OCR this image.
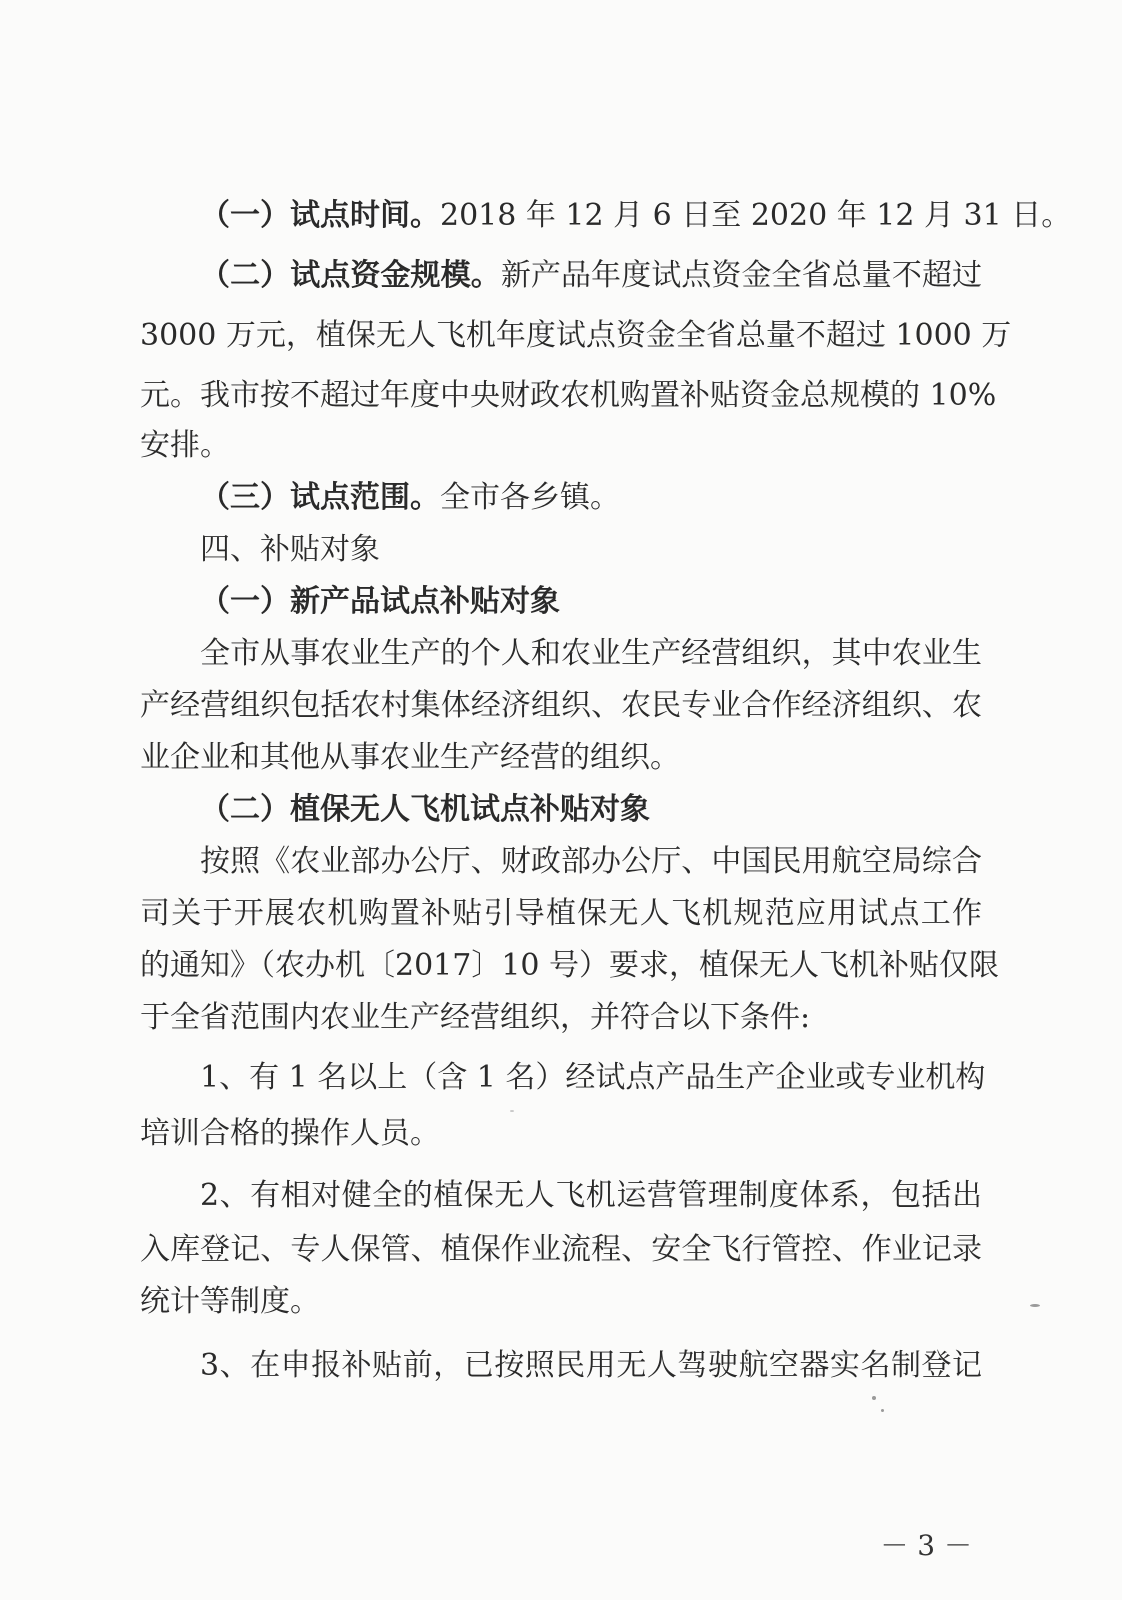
（一）试点时间。2018 年 12 月 6 日至 2020 年 12 月 31 日。
（二）试点资金规模。新产品年度试点资金全省总量不超过
3000 万元，植保无人飞机年度试点资金全省总量不超过 1000 万
元。我市按不超过年度中央财政农机购置补贴资金总规模的 10%
安排。
（三）试点范围。全市各乡镇。
四、补贴对象
（一）新产品试点补贴对象
全市从事农业生产的个人和农业生产经营组织，其中农业生
产经营组织包括农村集体经济组织、农民专业合作经济组织、农
业企业和其他从事农业生产经营的组织。
（二）植保无人飞机试点补贴对象
按照《农业部办公厅、财政部办公厅、中国民用航空局综合
司关于开展农机购置补贴引导植保无人飞机规范应用试点工作
的通知》（农办机〔2017〕10 号）要求，植保无人飞机补贴仅限
于全省范围内农业生产经营组织，并符合以下条件:
1、有 1 名以上（含 1 名）经试点产品生产企业或专业机构
培训合格的操作人员。
2、有相对健全的植保无人飞机运营管理制度体系，包括出
入库登记、专人保管、植保作业流程、安全飞行管控、作业记录
统计等制度。
3、在申报补贴前，已按照民用无人驾驶航空器实名制登记
－ 3 －
